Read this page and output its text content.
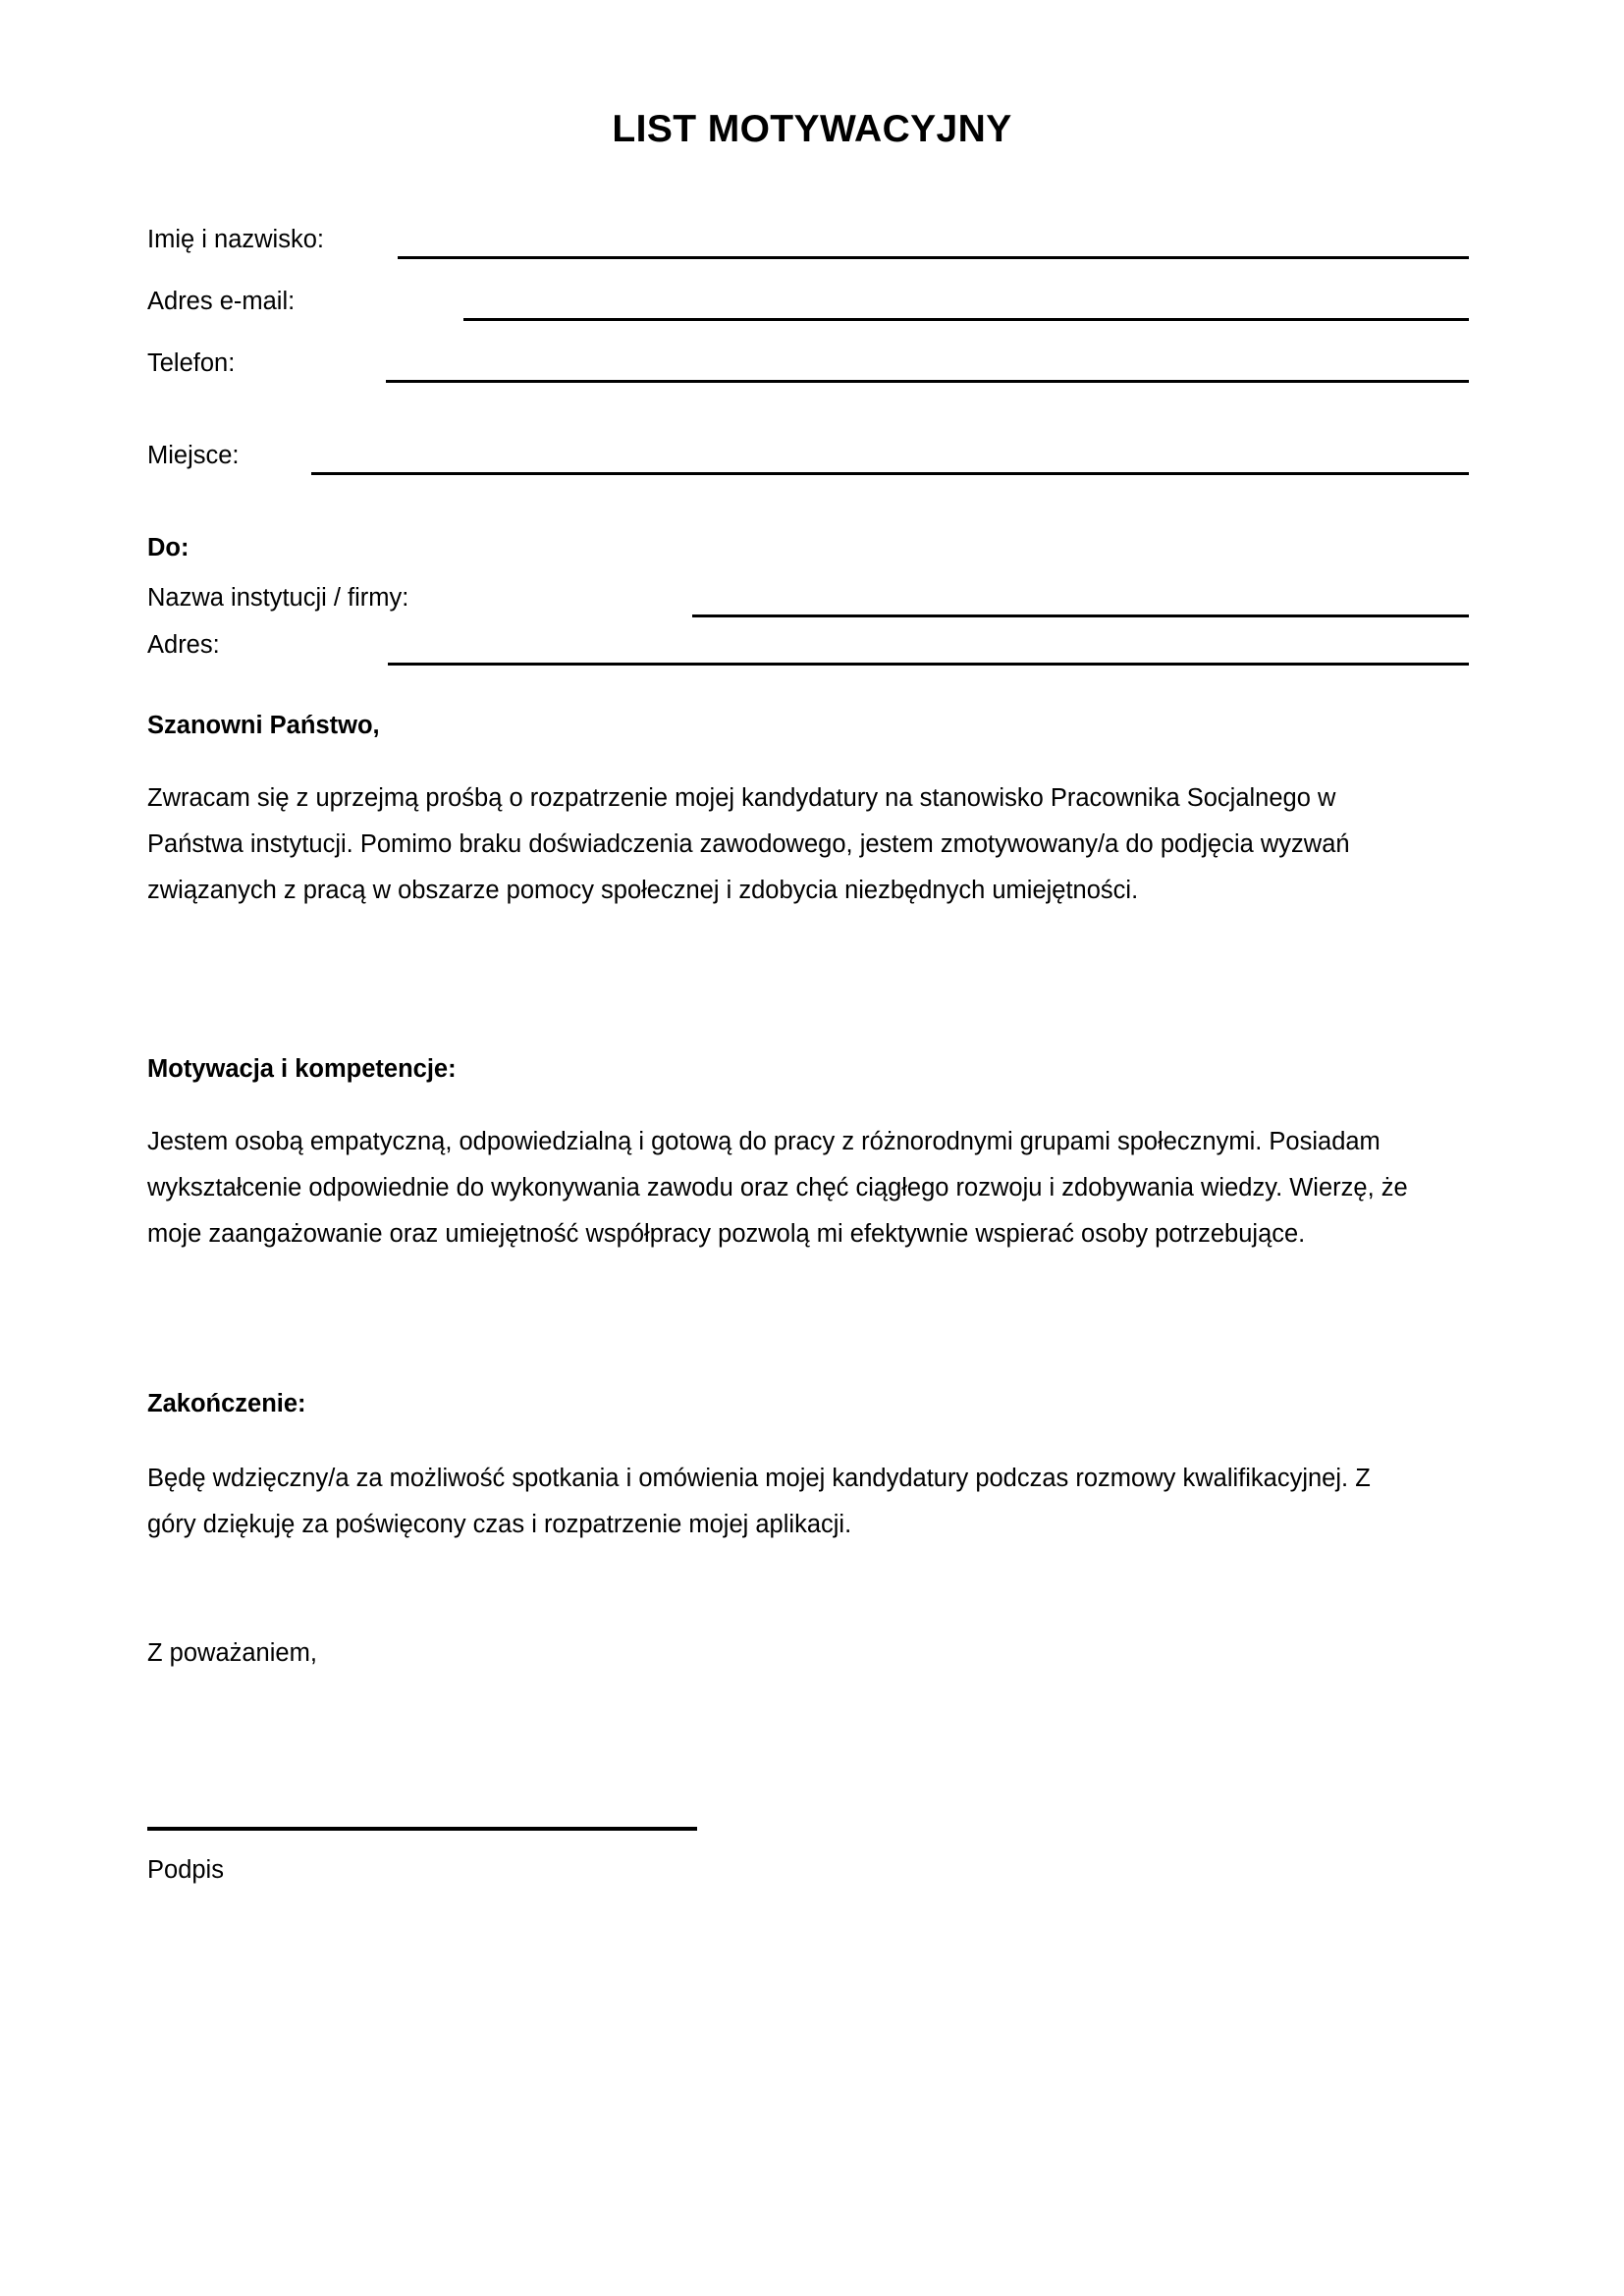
LIST MOTYWACYJNY
Imię i nazwisko:
Adres e-mail:
Telefon:
Miejsce:
Do:
Nazwa instytucji / firmy:
Adres:
Szanowni Państwo,
Zwracam się z uprzejmą prośbą o rozpatrzenie mojej kandydatury na stanowisko Pracownika Socjalnego w Państwa instytucji. Pomimo braku doświadczenia zawodowego, jestem zmotywowany/a do podjęcia wyzwań związanych z pracą w obszarze pomocy społecznej i zdobycia niezbędnych umiejętności.
Motywacja i kompetencje:
Jestem osobą empatyczną, odpowiedzialną i gotową do pracy z różnorodnymi grupami społecznymi. Posiadam wykształcenie odpowiednie do wykonywania zawodu oraz chęć ciągłego rozwoju i zdobywania wiedzy. Wierzę, że moje zaangażowanie oraz umiejętność współpracy pozwolą mi efektywnie wspierać osoby potrzebujące.
Zakończenie:
Będę wdzięczny/a za możliwość spotkania i omówienia mojej kandydatury podczas rozmowy kwalifikacyjnej. Z góry dziękuję za poświęcony czas i rozpatrzenie mojej aplikacji.
Z poważaniem,
Podpis
